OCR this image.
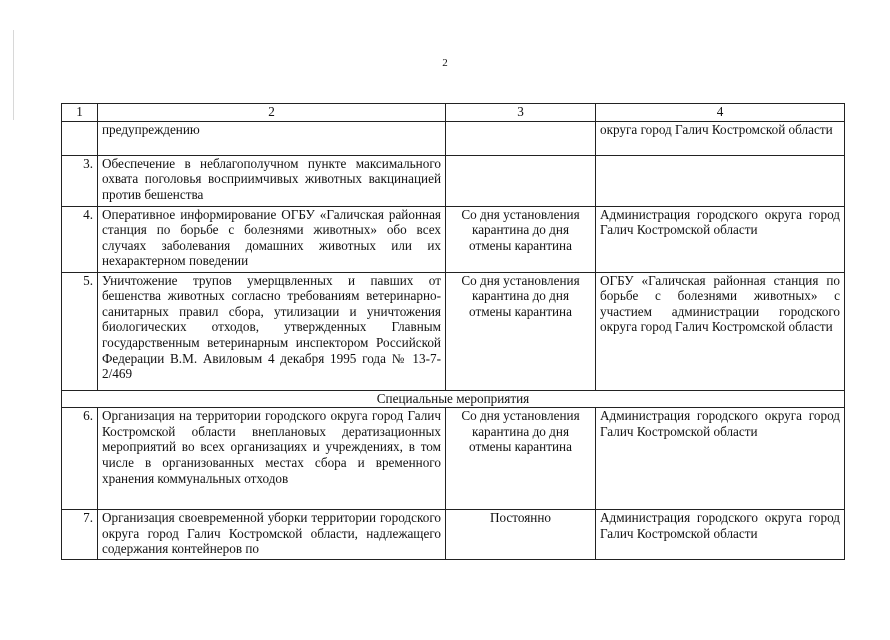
2
1	2	3	4
	предупреждению		округа город Галич Костромской области
3.	Обеспечение в неблагополучном пункте максимального охвата поголовья восприимчивых животных вакцинацией против бешенства		
4.	Оперативное информирование ОГБУ «Галичская районная станция по борьбе с болезнями животных» обо всех случаях заболевания домашних животных или их нехарактерном поведении	Со дня установления карантина до дня отмены карантина	Администрация городского округа город Галич Костромской области
5.	Уничтожение трупов умерщвленных и павших от бешенства животных согласно требованиям ветеринарно-санитарных правил сбора, утилизации и уничтожения биологических отходов, утвержденных Главным государственным ветеринарным инспектором Российской Федерации В.М. Авиловым 4 декабря 1995 года № 13-7-2/469	Со дня установления карантина до дня отмены карантина	ОГБУ «Галичская районная станция по борьбе с болезнями животных» с участием администрации городского округа город Галич Костромской области
Специальные мероприятия			
6.	Организация на территории городского округа город Галич Костромской области внеплановых дератизационных мероприятий во всех организациях и учреждениях, в том числе в организованных местах сбора и временного хранения коммунальных отходов	Со дня установления карантина до дня отмены карантина	Администрация городского округа город Галич Костромской области
7.	Организация своевременной уборки территории городского округа город Галич Костромской области, надлежащего содержания контейнеров по	Постоянно	Администрация городского округа город Галич Костромской области
